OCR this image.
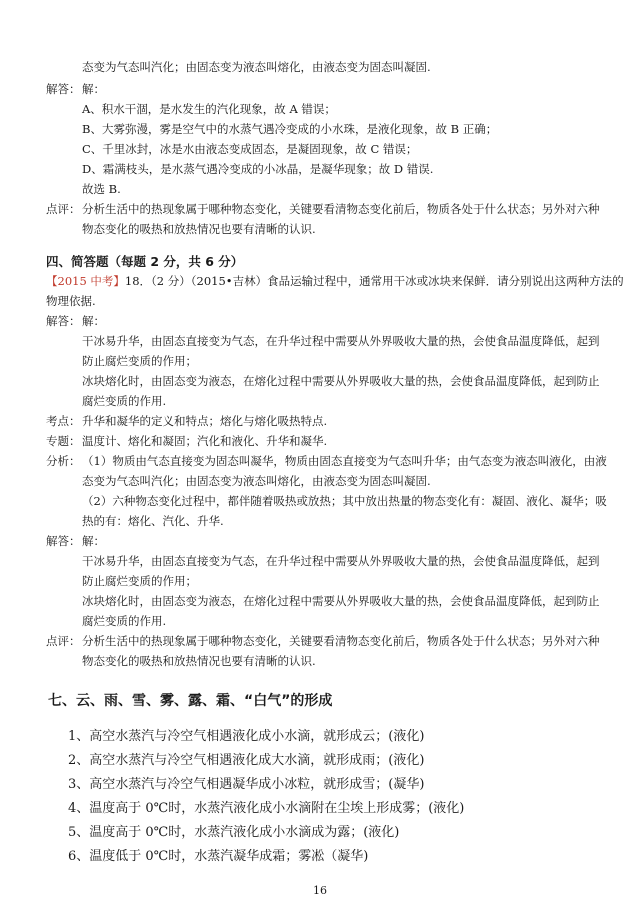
态变为气态叫汽化；由固态变为液态叫熔化，由液态变为固态叫凝固.
解答： 解：
A、积水干涸，是水发生的汽化现象，故 A 错误；
B、大雾弥漫，雾是空气中的水蒸气遇冷变成的小水珠，是液化现象，故 B 正确；
C、千里冰封，冰是水由液态变成固态，是凝固现象，故 C 错误；
D、霜满枝头，是水蒸气遇冷变成的小冰晶，是凝华现象；故 D 错误.
故选 B.
点评： 分析生活中的热现象属于哪种物态变化，关键要看清物态变化前后，物质各处于什么状态；另外对六种
物态变化的吸热和放热情况也要有清晰的认识.
四、简答题（每题 2 分，共 6 分）
【2015 中考】18．（2 分）（2015•吉林）食品运输过程中，通常用干冰或冰块来保鲜．请分别说出这两种方法的
物理依据.
解答： 解：
干冰易升华，由固态直接变为气态，在升华过程中需要从外界吸收大量的热，会使食品温度降低，起到
防止腐烂变质的作用；
冰块熔化时，由固态变为液态，在熔化过程中需要从外界吸收大量的热，会使食品温度降低，起到防止
腐烂变质的作用.
考点： 升华和凝华的定义和特点；熔化与熔化吸热特点.
专题： 温度计、熔化和凝固；汽化和液化、升华和凝华.
分析： （1）物质由气态直接变为固态叫凝华，物质由固态直接变为气态叫升华；由气态变为液态叫液化，由液
态变为气态叫汽化；由固态变为液态叫熔化，由液态变为固态叫凝固.
（2）六种物态变化过程中，都伴随着吸热或放热；其中放出热量的物态变化有：凝固、液化、凝华；吸
热的有：熔化、汽化、升华.
解答： 解：
干冰易升华，由固态直接变为气态，在升华过程中需要从外界吸收大量的热，会使食品温度降低，起到
防止腐烂变质的作用；
冰块熔化时，由固态变为液态，在熔化过程中需要从外界吸收大量的热，会使食品温度降低，起到防止
腐烂变质的作用.
点评： 分析生活中的热现象属于哪种物态变化，关键要看清物态变化前后，物质各处于什么状态；另外对六种
物态变化的吸热和放热情况也要有清晰的认识.
七、云、雨、雪、雾、露、霜、“白气”的形成
1、高空水蒸汽与冷空气相遇液化成小水滴，就形成云；(液化)
2、高空水蒸汽与冷空气相遇液化成大水滴，就形成雨；(液化)
3、高空水蒸汽与冷空气相遇凝华成小冰粒，就形成雪；(凝华)
4、温度高于 0℃时，水蒸汽液化成小水滴附在尘埃上形成雾；(液化)
5、温度高于 0℃时，水蒸汽液化成小水滴成为露；(液化)
6、温度低于 0℃时，水蒸汽凝华成霜；雾凇（凝华)
16
